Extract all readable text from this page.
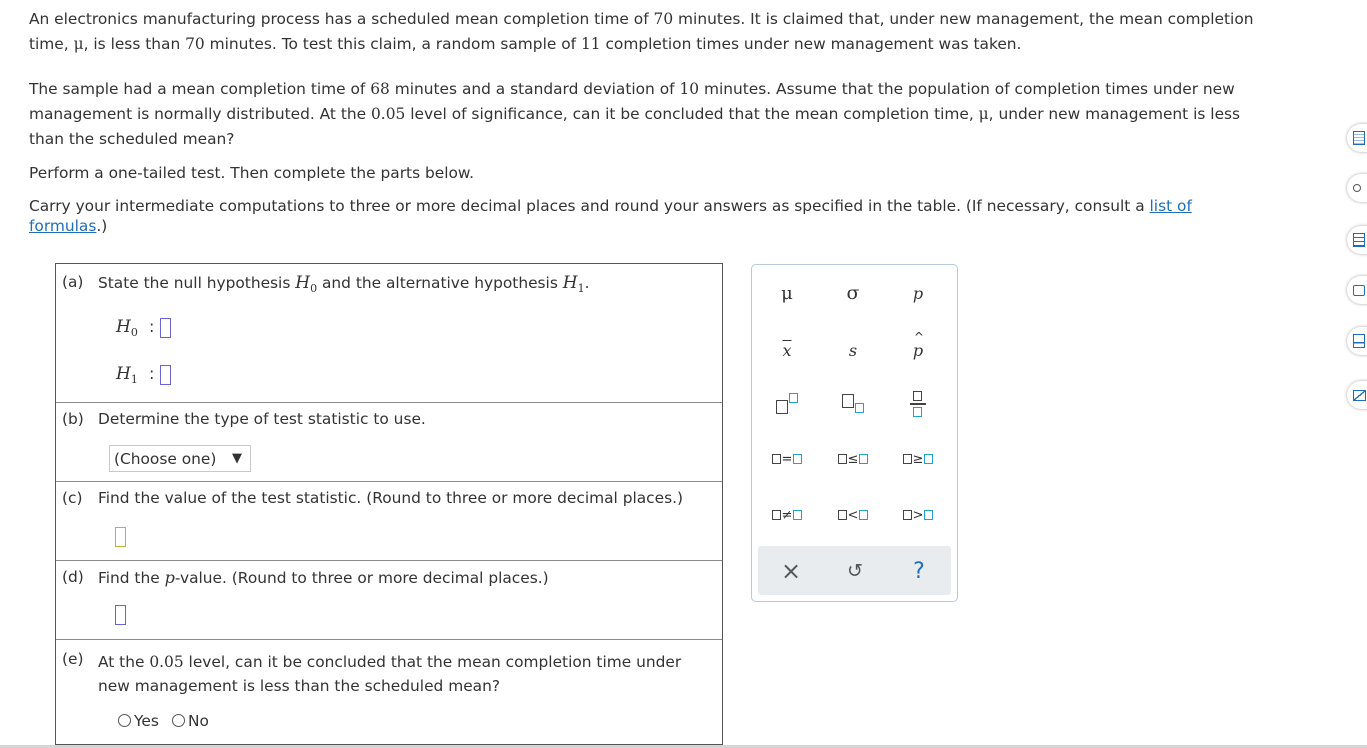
An electronics manufacturing process has a scheduled mean completion time of 70 minutes. It is claimed that, under new management, the mean completion
time, μ, is less than 70 minutes. To test this claim, a random sample of 11 completion times under new management was taken.

The sample had a mean completion time of 68 minutes and a standard deviation of 10 minutes. Assume that the population of completion times under new
management is normally distributed. At the 0.05 level of significance, can it be concluded that the mean completion time, μ, under new management is less
than the scheduled mean?

Perform a one-tailed test. Then complete the parts below.

Carry your intermediate computations to three or more decimal places and round your answers as specified in the table. (If necessary, consult a list of
formulas.)

(a) State the null hypothesis $H_0$ and the alternative hypothesis $H_1$.
$H_0$ :
$H_1$ :
(b) Determine the type of test statistic to use.
(Choose one) ▼
(c) Find the value of the test statistic. (Round to three or more decimal places.)
(d) Find the p-value. (Round to three or more decimal places.)
(e) At the 0.05 level, can it be concluded that the mean completion time under
new management is less than the scheduled mean?
Yes	No
μ	σ	p
$\overline{x}$	s
^
p
=	≤	≥
≠	<	>
× ↺ ?
